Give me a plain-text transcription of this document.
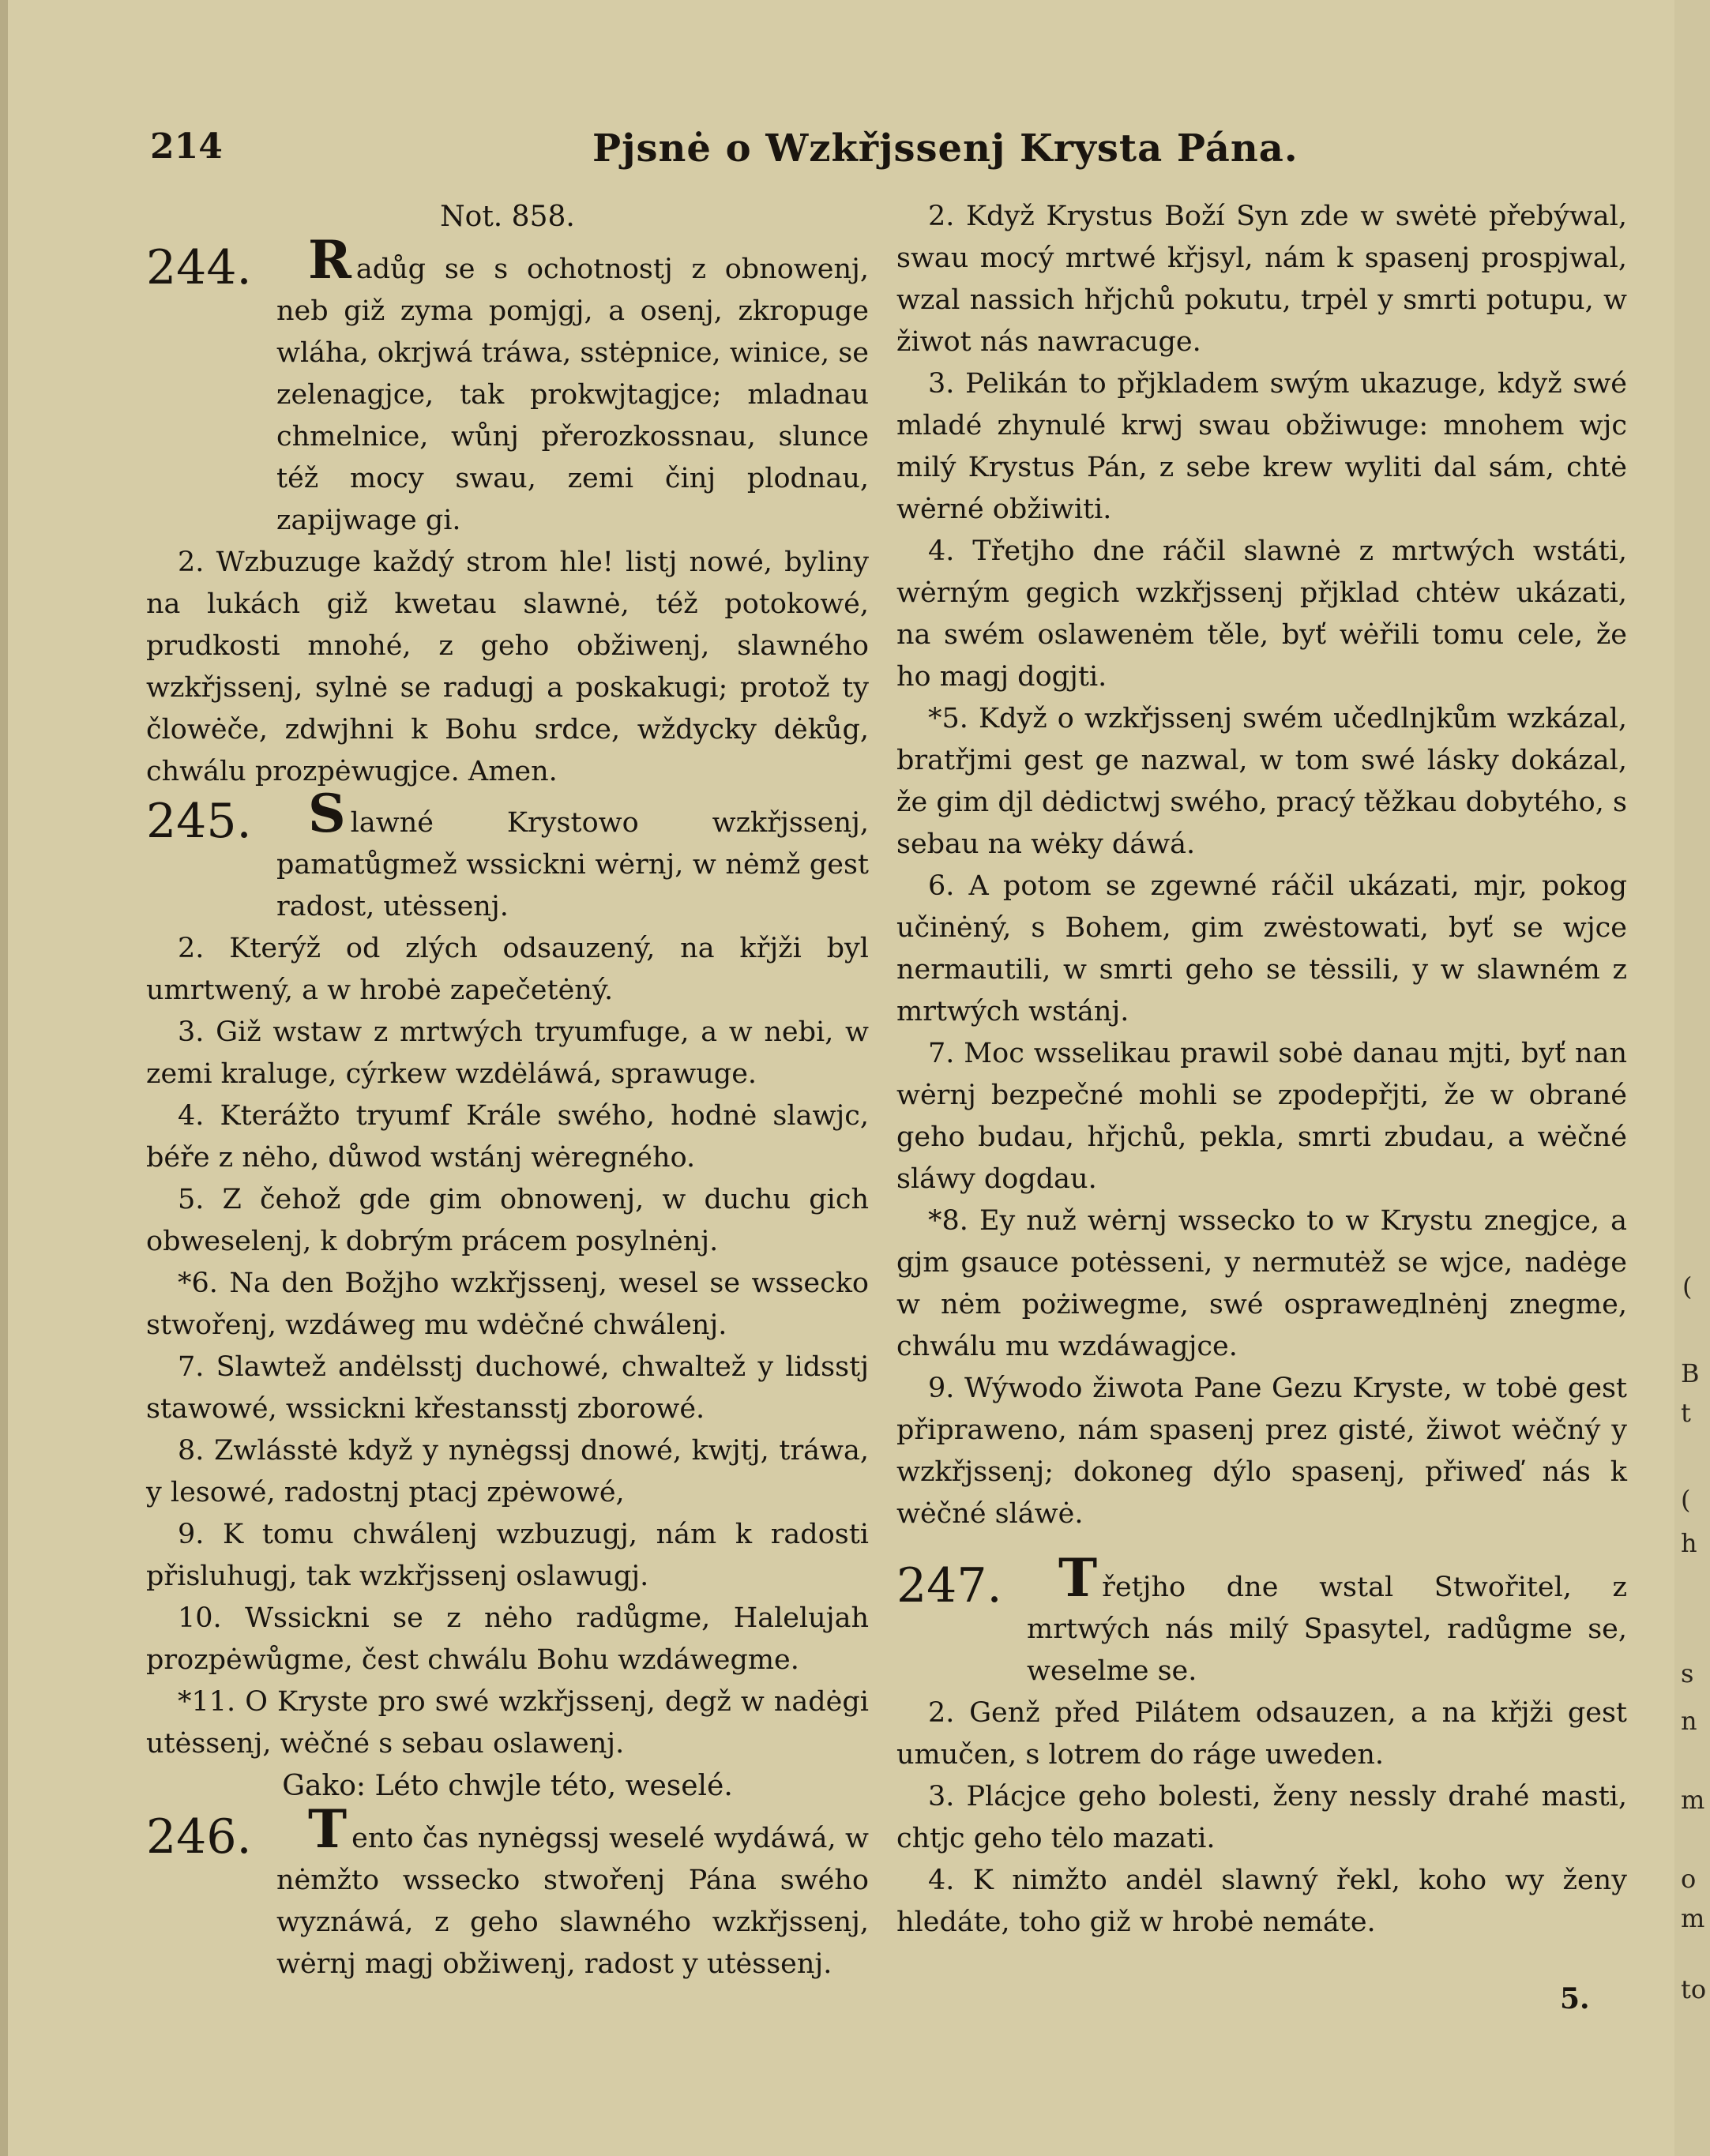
214	Pjsnė o Wzkřjssenj Krysta Pána.
Not. 858.
244.	Radůg se s ochotnostj z obnowenj, neb giž zyma pomjgj, a osenj, zkropuge wláha, okrjwá tráwa, sstėpnice, winice, se zelenagjce, tak prokwjtagjce; mladnau chmelnice, wůnj přerozkossnau, slunce též mocy swau, zemi činj plodnau, zapijwage gi.

2. Wzbuzuge každý strom hle! listj nowé, byliny na lukách giž kwetau slawnė, též potokowé, prudkosti mnohé, z geho obžiwenj, slawného wzkřjssenj, sylnė se radugj a poskakugi; protož ty člowėče, zdwjhni k Bohu srdce, wždycky dėkůg, chwálu prozpėwugjce. Amen.

245.	Slawné Krystowo wzkřjssenj, pamatůgmež wssickni wėrnj, w nėmž gest radost, utėssenj.

2. Kterýž od zlých odsauzený, na křjži byl umrtwený, a w hrobė zapečetėný.

3. Giž wstaw z mrtwých tryumfuge, a w nebi, w zemi kraluge, cýrkew wzdėláwá, sprawuge.

4. Kterážto tryumf Krále swého, hodnė slawjc, béře z nėho, důwod wstánj wėregného.

5. Z čehož gde gim obnowenj, w duchu gich obweselenj, k dobrým prácem posylnėnj.

*6. Na den Božjho wzkřjssenj, wesel se wssecko stwořenj, wzdáweg mu wdėčné chwálenj.

7. Slawtež andėlsstj duchowé, chwaltež y lidsstj stawowé, wssickni křestansstj zborowé.

8. Zwlásstė když y nynėgssj dnowé, kwjtj, tráwa, y lesowé, radostnj ptacj zpėwowé,

9. K tomu chwálenj wzbuzugj, nám k radosti přisluhugj, tak wzkřjssenj oslawugj.

10. Wssickni se z nėho radůgme, Halelujah prozpėwůgme, čest chwálu Bohu wzdáwegme.

*11. O Kryste pro swé wzkřjssenj, degž w nadėgi utėssenj, wėčné s sebau oslawenj.

Gako: Léto chwjle této, weselé.
246.	Tento čas nynėgssj weselé wydáwá, w nėmžto wssecko stwořenj Pána swého wyznáwá, z geho slawného wzkřjssenj, wėrnj magj obžiwenj, radost y utėssenj.

2. Když Krystus Boží Syn zde w swėtė přebýwal, swau mocý mrtwé křjsyl, nám k spasenj prospjwal, wzal nassich hřjchů pokutu, trpėl y smrti potupu, w žiwot nás nawracuge.

3. Pelikán to přjkladem swým ukazuge, když swé mladé zhynulé krwj swau obžiwuge: mnohem wjc milý Krystus Pán, z sebe krew wyliti dal sám, chtė wėrné obžiwiti.

4. Třetjho dne ráčil slawnė z mrtwých wstáti, wėrným gegich wzkřjssenj přjklad chtėw ukázati, na swém oslawenėm těle, byť wėřili tomu cele, že ho magj dogjti.

*5. Když o wzkřjssenj swém učedlnjkům wzkázal, bratřjmi gest ge nazwal, w tom swé lásky dokázal, že gim djl dėdictwj swého, pracý těžkau dobytého, s sebau na wėky dáwá.

6. A potom se zgewné ráčil ukázati, mjr, pokog učinėný, s Bohem, gim zwėstowati, byť se wjce nermautili, w smrti geho se tėssili, y w slawném z mrtwých wstánj.

7. Moc wsselikau prawil sobė danau mjti, byť nan wėrnj bezpečné mohli se zpodepřjti, že w obrané geho budau, hřjchů, pekla, smrti zbudau, a wėčné sláwy dogdau.

*8. Ey nuž wėrnj wssecko to w Krystu znegjce, a gjm gsauce potėsseni, y nermutėž se wjce, nadėge w nėm pożiwegme, swé ospraweдlnėnj znegme, chwálu mu wzdáwagjce.

9. Wýwodo žiwota Pane Gezu Kryste, w tobė gest připraweno, nám spasenj prez gisté, žiwot wėčný y wzkřjssenj; dokoneg dýlo spasenj, přiweď nás k wėčné sláwė.

247.	Třetjho dne wstal Stwořitel, z mrtwých nás milý Spasytel, radůgme se, weselme se.

2. Genž před Pilátem odsauzen, a na křjži gest umučen, s lotrem do ráge uweden.

3. Plácjce geho bolesti, ženy nessly drahé masti, chtjc geho tėlo mazati.

4. K nimžto andėl slawný řekl, koho wy ženy hledáte, toho giž w hrobė nemáte.

5.
(
B
t
(
h
s
n
m
o
m
to
